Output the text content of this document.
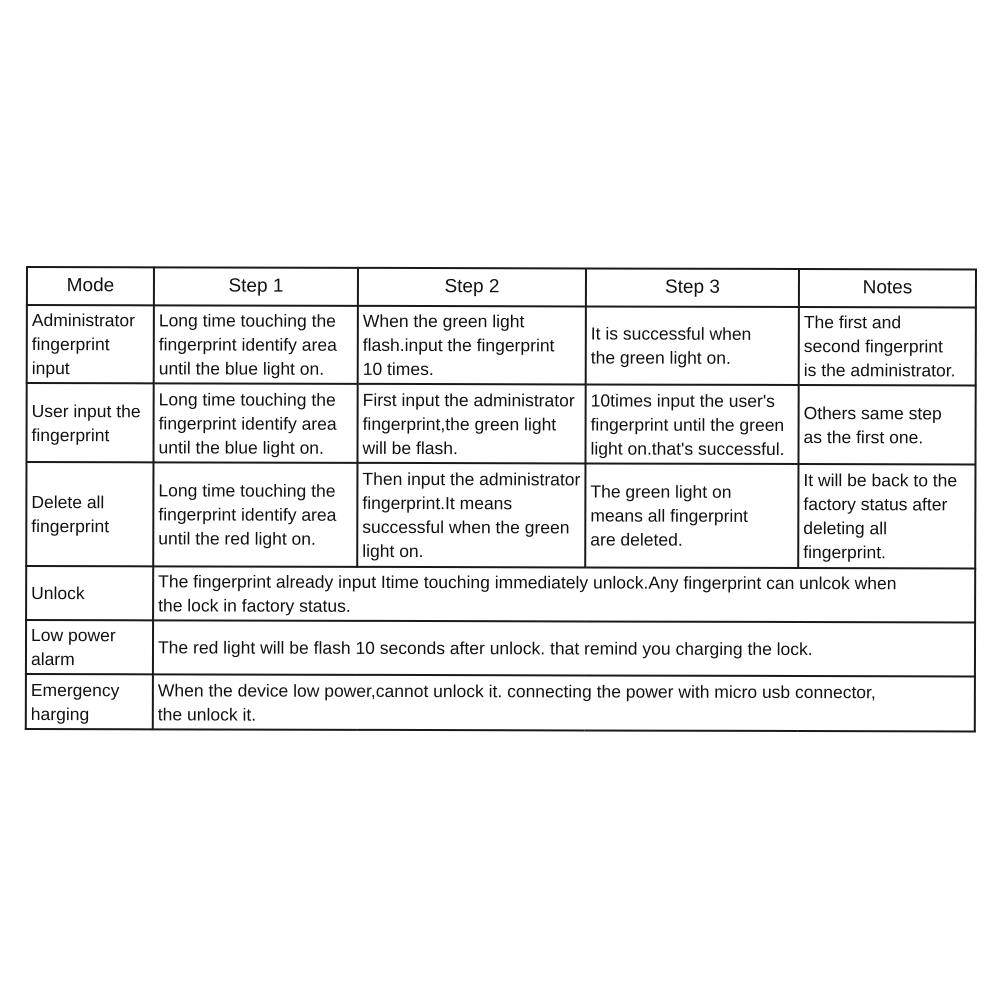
Mode	Step 1	Step 2	Step 3	Notes

Administrator
fingerprint
input	Long time touching the
fingerprint identify area
until the blue light on.	When the green light
flash.input the fingerprint
10 times.	It is successful when
the green light on.	The first and
second fingerprint
is the administrator.

User input the
fingerprint	Long time touching the
fingerprint identify area
until the blue light on.	First input the administrator
fingerprint,the green light
will be flash.	10times input the user's
fingerprint until the green
light on.that's successful.	Others same step
as the first one.

Delete all
fingerprint	Long time touching the
fingerprint identify area
until the red light on.	Then input the administrator
fingerprint.It means
successful when the green
light on.	The green light on
means all fingerprint
are deleted.	It will be back to the
factory status after
deleting all
fingerprint.

Unlock	The fingerprint already input Itime touching immediately unlock.Any fingerprint can unlcok when
the lock in factory status.			

Low power
alarm	The red light will be flash 10 seconds after unlock. that remind you charging the lock.			

Emergency
harging	When the device low power,cannot unlock it. connecting the power with micro usb connector,
the unlock it.			
